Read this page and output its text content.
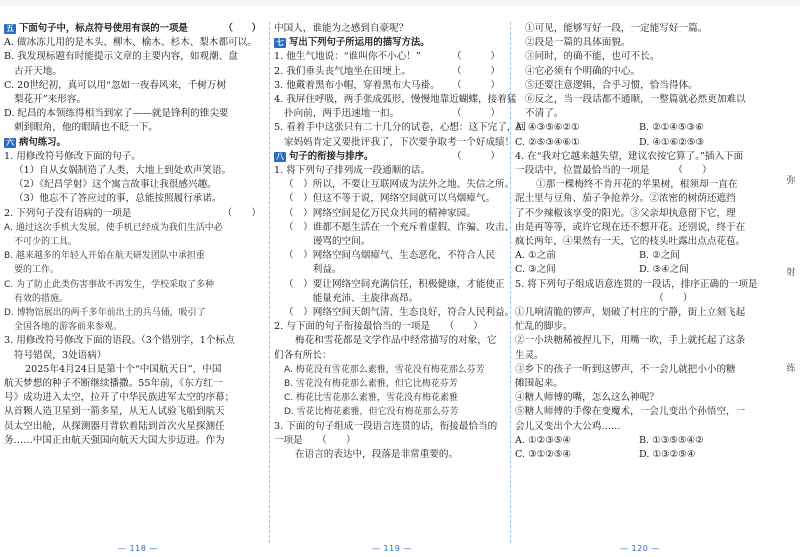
五 下面句子中，标点符号使用有误的一项是	（　　）
A. 做冰冻儿用的是木头、柳木、榆木、杉木、梨木都可以。
B. 我发现标题有时能提示文章的主要内容，如观潮、盘
古开天地。
C. 20世纪初，真可以用“忽如一夜春风来，千树万树
梨花开”来形容。
D. 纪昌的本领练得相当到家了——就是锋利的锥尖要
刺到眼角，他的眼睛也不眨一下。
六 病句练习。
1. 用修改符号修改下面的句子。
（1）自从女娲制造了人类，大地上到处欢声笑语。
（2）《纪昌学射》这个寓言故事让我很感兴趣。
（3）他忘不了答应过的事，总能按照履行承诺。
2. 下列句子没有语病的一项是	（　　）
A. 通过这次手机大发展，使手机已经成为我们生活中必
不可少的工具。
B. 越来越多的年轻人开始在航天研发团队中承担重
要的工作。
C. 为了防止此类伤害事故不再发生，学校采取了多种
有效的措施。
D. 博物馆展出的两千多年前出土的兵马俑，吸引了
全国各地的游客前来参观。
3. 用修改符号修改下面的语段。（3个错别字，1个标点
符号错误，3处语病）
2025年4月24日是第十个“中国航天日”，中国
航天梦想的种子不断继续播撒。55年前，《东方红一
号》成功进入太空，拉开了中华民族进军太空的序幕；
从首颗人造卫星到一箭多星，从无人试验飞船到航天
员太空出舱，从探测器月背软着陆到首次火星探测任
务……中国正由航天强国向航天大国大步迈进。作为
中国人，谁能为之感到自豪呢？
七 写出下列句子所运用的描写方法。
1. 他生气地说：“谁叫你不小心！”	（　　　）
2. 我们垂头丧气地坐在田埂上。	（　　　）
3. 他戴着黑布小帽，穿着黑布大马褂。 （　　　）
4. 我屏住呼吸，两手张成弧形，慢慢地靠近蝴蝶，接着猛
扑向前，两手迅速地一扣。	（　　　）
5. 看着手中这张只有二十几分的试卷，心想：这下完了，回
家妈妈肯定又要批评我了，下次要争取考一个好成绩！
（　　　）
八 句子的衔接与排序。
1. 将下列句子排列成一段通顺的话。
（　）所以，不要让互联网成为法外之地、失信之所。
（　）但这不等于说，网络空间就可以乌烟瘴气。
（　）网络空间是亿万民众共同的精神家园。
（　）谁都不愿生活在一个充斥着虚假、诈骗、攻击、
　　　谩骂的空间。
（　）网络空间乌烟瘴气、生态恶化，不符合人民
　　　利益。
（　）要让网络空间充满信任，积极健康，才能使正
　　　能量充沛、主旋律高昂。
（　）网络空间天朗气清、生态良好，符合人民利益。
2. 与下面的句子衔接最恰当的一项是　　（　　）
梅花和雪花都是文学作品中经常描写的对象，它
们各有所长：
A. 梅花没有雪花那么素雅，雪花没有梅花那么芬芳
B. 雪花没有梅花那么素雅，但它比梅花芬芳
C. 梅花比雪花那么素雅，雪花没有梅花素雅
D. 雪花比梅花素雅，但它没有梅花那么芬芳
3. 下面的句子组成一段语言连贯的话，衔接最恰当的
一项是　　（　　）
在语言的表达中，段落是非常重要的。
①可见，能够写好一段，一定能写好一篇。
②段是一篇的具体面貌。
③同时，的确不能，也可不长。
④它必须有个明确的中心。
⑤还要注意逻辑，合乎习惯，恰当得体。
⑥反之，当一段话都不通顺，一整篇就必然更加难以
不清了。
A. ④③⑤⑥②①	B. ②①④⑤③⑥
C. ②⑤③④⑥①	D. ④①⑥②⑤③
4. 在“我对它越来越失望，建议农按它算了。”插入下面
一段话中，位置最恰当的一项是　　　（　　）
①那一棵梅终不肯开花的苹果树，根须却一直在
泥土里与豆角、茄子争抢养分。②浓密的树荫还遮挡
了不少辣椒该享受的阳光。③父亲却执意留下它，理
由是再等等，或许它现在还不想开花。还别说，终于在
疯长两年，④果然有一天，它的枝头吐露出点点花苞。
A. ①之前	B. ②之间
C. ③之间	D. ③④之间
5. 将下列句子组成语意连贯的一段话，排序正确的一项是
　　　　　　　　　　　　　　　（　　）
①几响清脆的锣声，划破了村庄的宁静，街上立刻飞起
忙乱的脚步。
②一小块糖稀被捏儿下，用嘴一吹，手上就托起了这条
生灵。
③乡下的孩子一听到这锣声，不一会儿就把小小的糖
摊围起来。
④糖人师傅的嘴，怎么这么神呢？
⑤糖人师傅的手像在变魔术，一会儿变出个孙悟空，一
会儿又变出个大公鸡……
A. ①②③⑤④	B. ①③⑤⑤④②
C. ③①②⑤④	D. ①③②⑤④
弥
射
练
— 118 —	— 119 —	— 120 —
